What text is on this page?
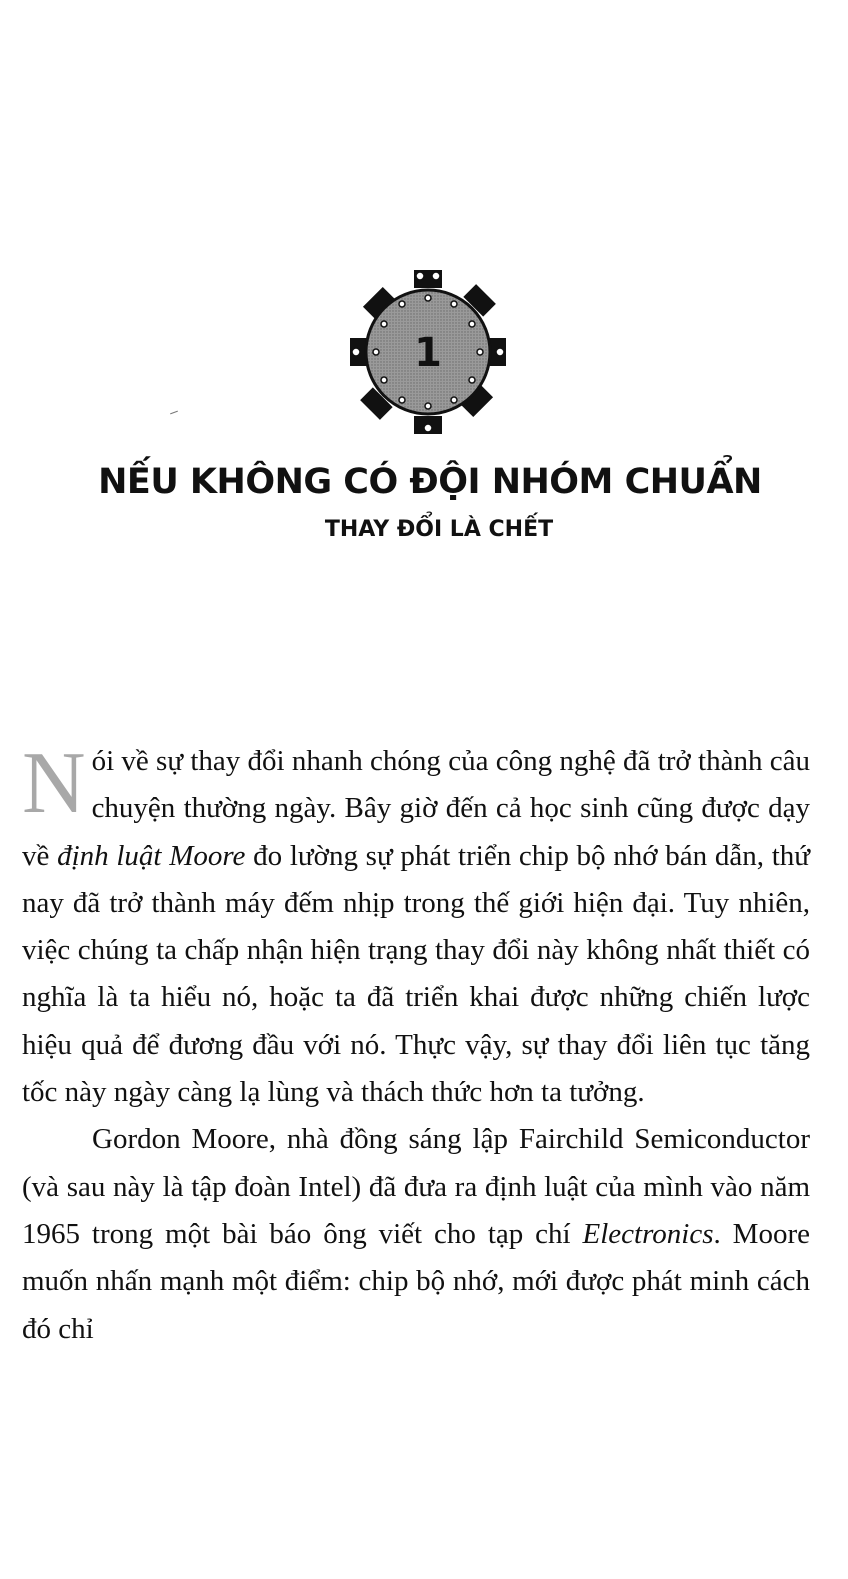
1
NẾU KHÔNG CÓ ĐỘI NHÓM CHUẨN
THAY ĐỔI LÀ CHẾT

Nói về sự thay đổi nhanh chóng của công nghệ đã trở thành câu chuyện thường ngày. Bây giờ đến cả học sinh cũng được dạy về định luật Moore đo lường sự phát triển chip bộ nhớ bán dẫn, thứ nay đã trở thành máy đếm nhịp trong thế giới hiện đại. Tuy nhiên, việc chúng ta chấp nhận hiện trạng thay đổi này không nhất thiết có nghĩa là ta hiểu nó, hoặc ta đã triển khai được những chiến lược hiệu quả để đương đầu với nó. Thực vậy, sự thay đổi liên tục tăng tốc này ngày càng lạ lùng và thách thức hơn ta tưởng.

Gordon Moore, nhà đồng sáng lập Fairchild Semiconductor (và sau này là tập đoàn Intel) đã đưa ra định luật của mình vào năm 1965 trong một bài báo ông viết cho tạp chí Electronics. Moore muốn nhấn mạnh một điểm: chip bộ nhớ, mới được phát minh cách đó chỉ
